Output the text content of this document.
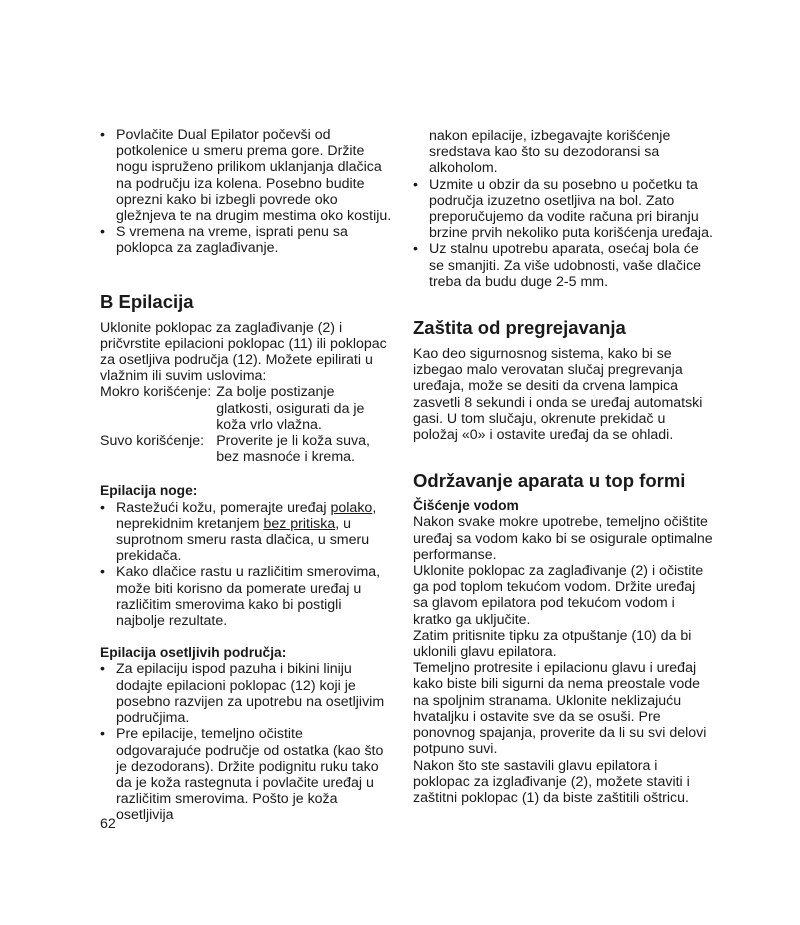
• Povlačite Dual Epilator počevši od potkolenice u smeru prema gore. Držite nogu ispruženo prilikom uklanjanja dlačica na području iza kolena. Posebno budite oprezni kako bi izbegli povrede oko gležnjeva te na drugim mestima oko kostiju.
• S vremena na vreme, isprati penu sa poklopca za zaglađivanje.
B Epilacija

Uklonite poklopac za zaglađivanje (2) i pričvrstite epilacioni poklopac (11) ili poklopac za osetljiva područja (12). Možete epilirati u vlažnim ili suvim uslovima:

Mokro korišćenje:	Za bolje postizanje glatkosti, osigurati da je koža vrlo vlažna.
Suvo korišćenje:	Proverite je li koža suva, bez masnoće i krema.
Epilacija noge:
• Rastežući kožu, pomerajte uređaj polako, neprekidnim kretanjem bez pritiska, u suprotnom smeru rasta dlačica, u smeru prekidača.
• Kako dlačice rastu u različitim smerovima, može biti korisno da pomerate uređaj u različitim smerovima kako bi postigli najbolje rezultate.
Epilacija osetljivih područja:
• Za epilaciju ispod pazuha i bikini liniju dodajte epilacioni poklopac (12) koji je posebno razvijen za upotrebu na osetljivim područjima.
• Pre epilacije, temeljno očistite odgovarajuće područje od ostatka (kao što je dezodorans). Držite podignitu ruku tako da je koža rastegnuta i povlačite uređaj u različitim smerovima. Pošto je koža osetljivija

nakon epilacije, izbegavajte korišćenje sredstava kao što su dezodoransi sa alkoholom.

• Uzmite u obzir da su posebno u početku ta područja izuzetno osetljiva na bol. Zato preporučujemo da vodite računa pri biranju brzine prvih nekoliko puta korišćenja uređaja.
• Uz stalnu upotrebu aparata, osećaj bola će se smanjiti. Za više udobnosti, vaše dlačice treba da budu duge 2-5 mm.
Zaštita od pregrejavanja

Kao deo sigurnosnog sistema, kako bi se izbegao malo verovatan slučaj pregrevanja uređaja, može se desiti da crvena lampica zasvetli 8 sekundi i onda se uređaj automatski gasi. U tom slučaju, okrenute prekidač u položaj «0» i ostavite uređaj da se ohladi.

Održavanje aparata u top formi
Čišćenje vodom

Nakon svake mokre upotrebe, temeljno očištite uređaj sa vodom kako bi se osigurale optimalne performanse.

Uklonite poklopac za zaglađivanje (2) i očistite ga pod toplom tekućom vodom. Držite uređaj sa glavom epilatora pod tekućom vodom i kratko ga uključite.

Zatim pritisnite tipku za otpuštanje (10) da bi uklonili glavu epilatora.

Temeljno protresite i epilacionu glavu i uređaj kako biste bili sigurni da nema preostale vode na spoljnim stranama. Uklonite neklizajuću hvataljku i ostavite sve da se osuši. Pre ponovnog spajanja, proverite da li su svi delovi potpuno suvi.

Nakon što ste sastavili glavu epilatora i poklopac za izglađivanje (2), možete staviti i zaštitni poklopac (1) da biste zaštitili oštricu.

62
